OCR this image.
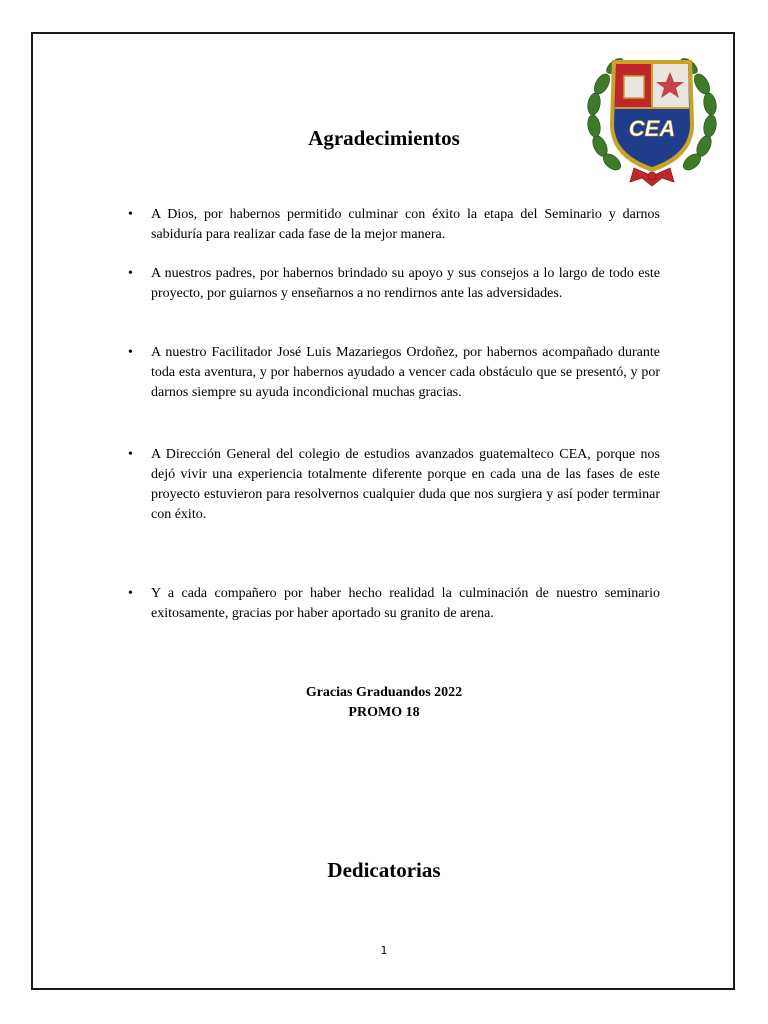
CEA
Agradecimientos
• A Dios, por habernos permitido culminar con éxito la etapa del Seminario y darnos sabiduría para realizar cada fase de la mejor manera.
• A nuestros padres, por habernos brindado su apoyo y sus consejos a lo largo de todo este proyecto, por guiarnos y enseñarnos a no rendirnos ante las adversidades.
• A nuestro Facilitador José Luis Mazariegos Ordoñez, por habernos acompañado durante toda esta aventura, y por habernos ayudado a vencer cada obstáculo que se presentó, y por darnos siempre su ayuda incondicional muchas gracias.
• A Dirección General del colegio de estudios avanzados guatemalteco CEA, porque nos dejó vivir una experiencia totalmente diferente porque en cada una de las fases de este proyecto estuvieron para resolvernos cualquier duda que nos surgiera y así poder terminar con éxito.
• Y a cada compañero por haber hecho realidad la culminación de nuestro seminario exitosamente, gracias por haber aportado su granito de arena.
Gracias Graduandos 2022
PROMO 18
Dedicatorias
1
